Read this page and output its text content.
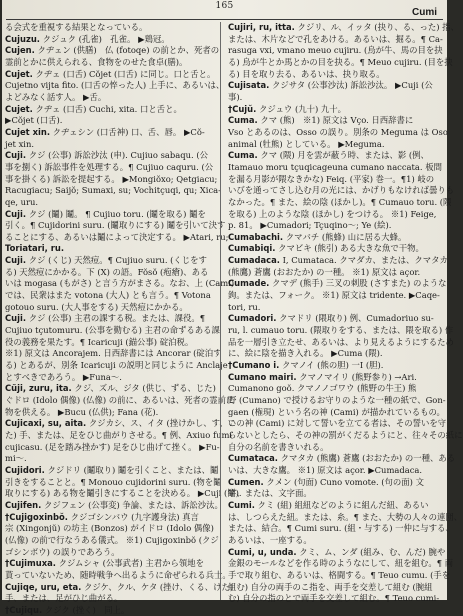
165
Cumi
る会式を重視する結果となっている。
Cujuzu. クジュク (孔雀)　孔雀。 ▶鶏冠。
Cujen. クヂェン (供膳)　仏 (fotoqe) の前とか、死者の
霊前とかに供えられる、食物をのせた食卓(膳)。
Cujet. クヂェ (口舌) Cŏjet (口舌) に同じ。口と舌と。
Cujetno vijta fito. (口舌の悴った人) 上手に、あるいは、
よどみなく話す人。 ▶舌。
Cujet. クヂェ (口舌) Cuchi, xita. 口と舌と。
▶Cŏjet (口舌).
Cujet xin. クヂェシン (口舌神) 口、舌、唇。 ▶Cŏ-
jet xin.
Cuji. クジ (公事) 訴訟沙汰 (申). Cujiuo sabaqu. (公
事を捌く) 訴訟事件を処理する。¶ Cujiuo caquru. (公
事を掛くる) 訴訟を提起する。 ▶Mongiŏxo; Qetgiacu;
Racugiacu; Saijŏ; Sumaxi, su; Vochitçuqi, qu; Xica-
qe, uru.
Cuji. クジ (鬮) 鬮。 ¶ Cujiuo toru. (鬮を取る) 鬮を
引く。¶ Cujidorini suru. (鬮取りにする) 鬮を引いて決す
ることにする、あるいは鬮によって決定する。 ▶Atari, ru;
Toriatari, ru.
Cuji. クジ (くじ) 天然痘。¶ Cujiuo suru. (くじをす
る) 天然痘にかかる。下 (X) の語。Fŏsŏ (疱瘡)、ある
いは mogasa (もがさ) と言う方がまさる。なお、上 (Cami)
では、民衆はまた votona (大人) とも言う。¶ Votona
gotouo suru. (大人事をする) 天然痘にかかる。
Cuji. クジ (公事) 主君の課する税。または、課役。¶
Cujiuo tçutomuru. (公事を勤むる) 主君の命ずるある課
役の義務を果たす。¶ Icaricuji (錨公事) 碇泊税。
※1) 原文は Ancorajem. 日西辞書には Ancorar (碇泊す
る) とあるが、別条 Icaricuji の説明と同じように Anclaje
とすべきであろう。 ▶Funa〜.
Cũji, zuru, ita. クジ、ズル、ジタ (供じ、ずる、じた)
ぐドロ (Idolo 偶像) (仏像) の前に、あるいは、死者の霊前に
物を供える。 ▶Bucu (仏供); Fana (花).
Cujicaxi, su, aita. クジカシ、ス、イタ (挫けかし、す、い
た) 手、または、足をひじ曲がりさせる。¶ 例、Axiuo fumi
cujicasu. (足を踏み挫かす) 足をひじ曲げて挫く。 ▶Fu-
mi〜.
Cujidori. クジドリ (鬮取り) 鬮を引くこと、または、鬮
引きをすることと。¶ Monouo cujidorini suru. (物を鬮
取りにする) ある物を鬮引きにすることを決める。 ▶Cuji (鬮).
Cujifen. クジフェン (公事変) 争論、または、訴訟沙汰。
†Cujigoxinbŏ. クジゴシンバウ (九字護身法) 真言
宗 (Xingonjŭ) の坊主 (Bonzos) がイドロ (Idolo 偶像)
(仏像) の前で行なうある儀式。 ※1) Cujigoxinbŏ (クジ
ゴシンボウ) の誤りであろう。
†Cujimuxa. クジムシャ (公事武者) 主君から領地を
貰っていないため、随時戦争へ出るように命ぜられる兵士。
Cujiqe, uru, eta. クジケ、クル、ケタ (挫け、くる、けた)
手、または、足がひじ曲がる。
†Cujiqu. クジク (挫く)　同上。
Cujiri, ru, itta. クジリ、ル、イッタ (抉り、る、った) 指、
または、木片などで孔をあける。あるいは、掘る。¶ Ca-
rasuga vxi, vmano meuo cujiru. (烏が牛、馬の目を抉
る) 烏が牛とか馬とかの目を抉る。¶ Meuo cujiru. (目を抉
る) 目を取り去る、あるいは、抉り取る。
Cujisata. クジサタ (公事沙汰) 訴訟沙汰。 ▶Cuji (公
事).
†Cujŭ. クジュウ (九十) 九十。
Cuma. クマ (熊)　※1) 原文は Vço. 日西辞書に
Vso とあるのは、Osso の誤り。別条の Meguma は Oso
animal (牡熊) としている。 ▶Meguma.
Cuma. クマ (隈) 月を雲が蔽う時、または、影 (例、
Itamauo moru tçuqicageuna cumano naccata. 板間
を漏る月影が隈なきかな) Feiq. (平家) 巻一。¶1) 岐の
いびを通ってさし込む月の光には、かげりもなければ曇りも
なかった。¶ また、絵の陰 (ほかし)。¶ Cumauo toru. (隈
を取る) 上のような陰 (ほかし) をつける。 ※1) Feige,
p. 81。 ▶Cumadori; Tçuqino〜; Ye (絵).
Cumabachi. クマバチ (熊蜂) 山に居る大蜂。
Cumabiqi. クマビキ (熊引) ある大きな魚で干物。
Cumadaca. I, Cumataca. クマダカ、または、クマタカ
(熊鷹) 蒼鷹 (おおたか) の一種。 ※1) 原文は açor.
Cumade. クマデ (熊手) 三叉の刺股 (さすまた) のような
鉤。または、フォーク。 ※1) 原文は tridente. ▶Caqe-
tori, ru.
Cumadori. クマドリ (隈取り) 例、Cumadoriuo su-
ru, l. cumauo toru. (隈取りをする、または、隈を取る) 作
品を一層引き立たせ、あるいは、より見えるようにするため
に、絵に陰を描き入れる。 ▶Cuma (隈).
†Cumano i. クマノイ (熊の胆) 一I (胆).
Cumano mairi. クマノマイリ (熊野参り) →Ari.
Cumanono goŏ. クマノノゴワウ (熊野の牛王) 熊
野 (Cumano) で授けるお守りのような一種の紙で、Gon-
gaen (権現) という名の神 (Cami) が描かれているもの。
この神 (Cami) に対して誓いを立てる者は、その誓いを守
らないとしたら、その神の罰がくだるようにと、往々その紙に
自分の名前を書きいれる。
Cumataca. クマタカ (熊鷹) 蒼鷹 (おおたか) の一種、ある
いは、大きな鷹。 ※1) 原文は açor. ▶Cumadaca.
Cumen. クメン (句面) Cuno vomote. (句の面) 文
字、または、文字面。
Cumi. クミ (組) 組紐などのように組んだ紐、あるい
は、しつらえた紐。または、糸。¶ また、大勢の人々の連団、
または、結合。¶ Cumi suru. (組・与する) 一仲に与する、
あるいは、一座する。
Cumi, u, unda. クミ、ム、ンダ (組み、む、んだ) 腕や
金銀のモールなどを作る時のようなにして、紐を組む。¶ 両
手で取り組む、あるいは、格闘する。¶ Teuo cumu. (手を
組む) 自分の両手のこ指を、両手を交差して組む (腕組
む) 自分の指のとで両手を交差して組む。¶ Teuo cumi-
